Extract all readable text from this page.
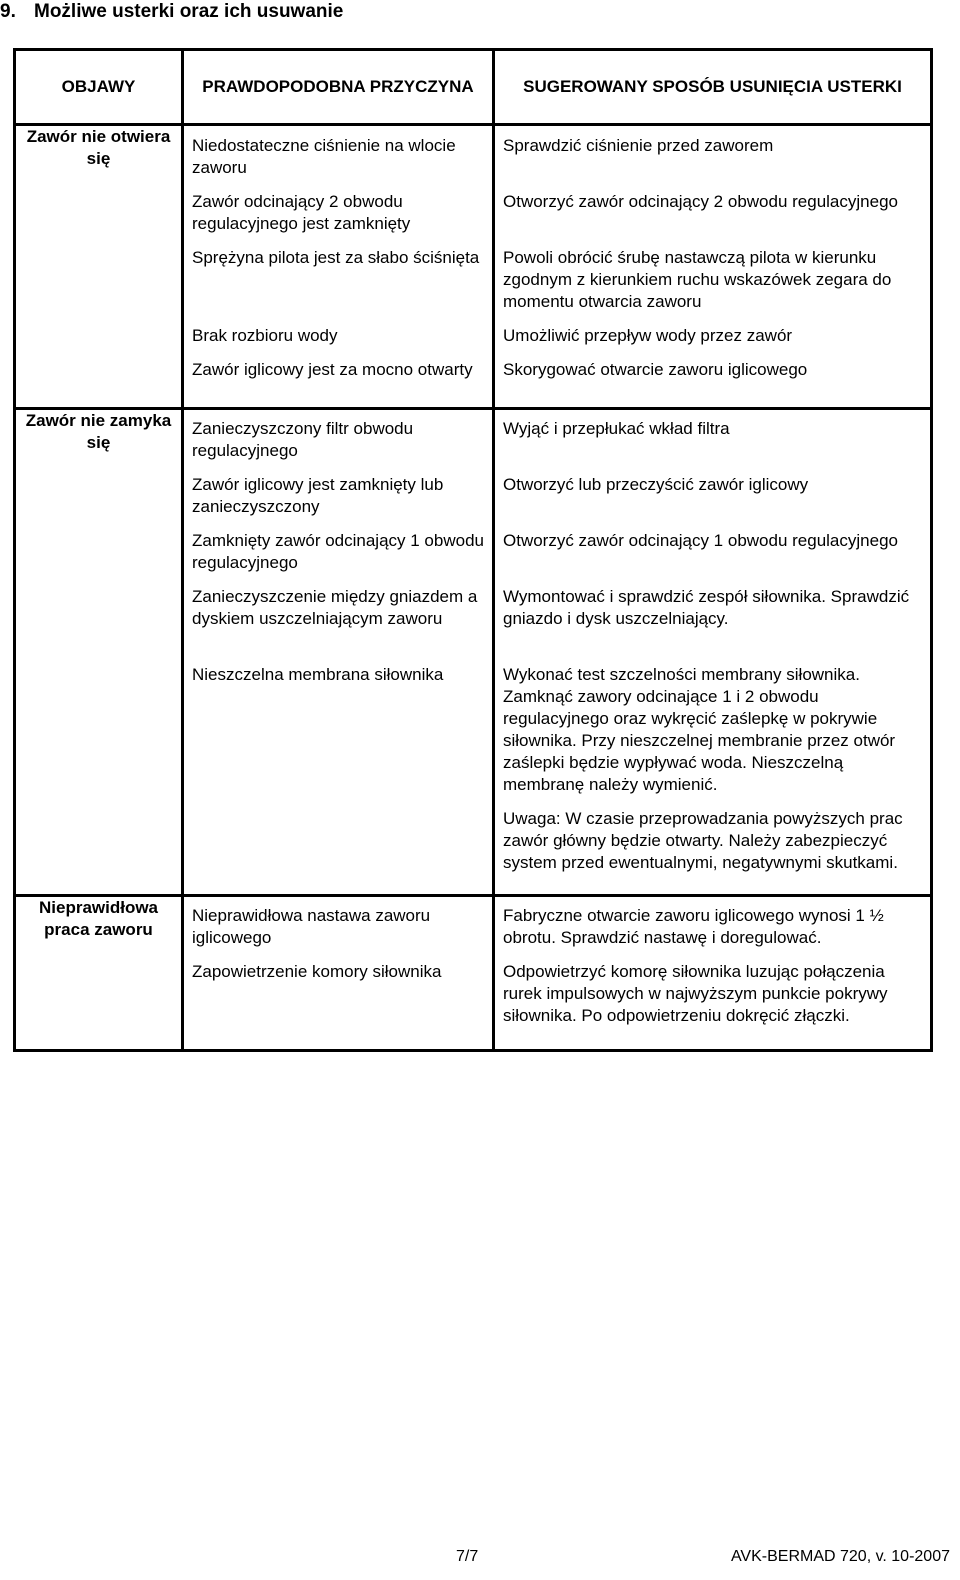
9. Możliwe usterki oraz ich usuwanie
OBJAWY	PRAWDOPODOBNA PRZYCZYNA	SUGEROWANY SPOSÓB USUNIĘCIA USTERKI
Zawór nie otwiera się	Niedostateczne ciśnienie na wlocie zaworu	Sprawdzić ciśnienie przed zaworem

	Zawór odcinający 2 obwodu regulacyjnego jest zamknięty	Otworzyć zawór odcinający 2 obwodu regulacyjnego

	Sprężyna pilota jest za słabo ściśnięta	Powoli obrócić śrubę nastawczą pilota w kierunku zgodnym z kierunkiem ruchu wskazówek zegara do momentu otwarcia zaworu

	Brak rozbioru wody	Umożliwić przepływ wody przez zawór

	Zawór iglicowy jest za mocno otwarty	Skorygować otwarcie zaworu iglicowego

Zawór nie zamyka się	Zanieczyszczony filtr obwodu regulacyjnego	Wyjąć i przepłukać wkład filtra

	Zawór iglicowy jest zamknięty lub zanieczyszczony	Otworzyć lub przeczyścić zawór iglicowy

	Zamknięty zawór odcinający 1 obwodu regulacyjnego	Otworzyć zawór odcinający 1 obwodu regulacyjnego

	Zanieczyszczenie między gniazdem a dyskiem uszczelniającym zaworu	Wymontować i sprawdzić zespół siłownika. Sprawdzić gniazdo i dysk uszczelniający.

	Nieszczelna membrana siłownika	Wykonać test szczelności membrany siłownika. Zamknąć zawory odcinające 1 i 2 obwodu regulacyjnego oraz wykręcić zaślepkę w pokrywie siłownika. Przy nieszczelnej membranie przez otwór zaślepki będzie wypływać woda. Nieszczelną membranę należy wymienić.
Uwaga: W czasie przeprowadzania powyższych prac zawór główny będzie otwarty. Należy zabezpieczyć system przed ewentualnymi, negatywnymi skutkami.

Nieprawidłowa praca zaworu	Nieprawidłowa nastawa zaworu iglicowego	Fabryczne otwarcie zaworu iglicowego wynosi 1 ½ obrotu. Sprawdzić nastawę i doregulować.

	Zapowietrzenie komory siłownika	Odpowietrzyć komorę siłownika luzując połączenia rurek impulsowych w najwyższym punkcie pokrywy siłownika. Po odpowietrzeniu dokręcić złączki.
7/7	AVK-BERMAD 720, v. 10-2007
